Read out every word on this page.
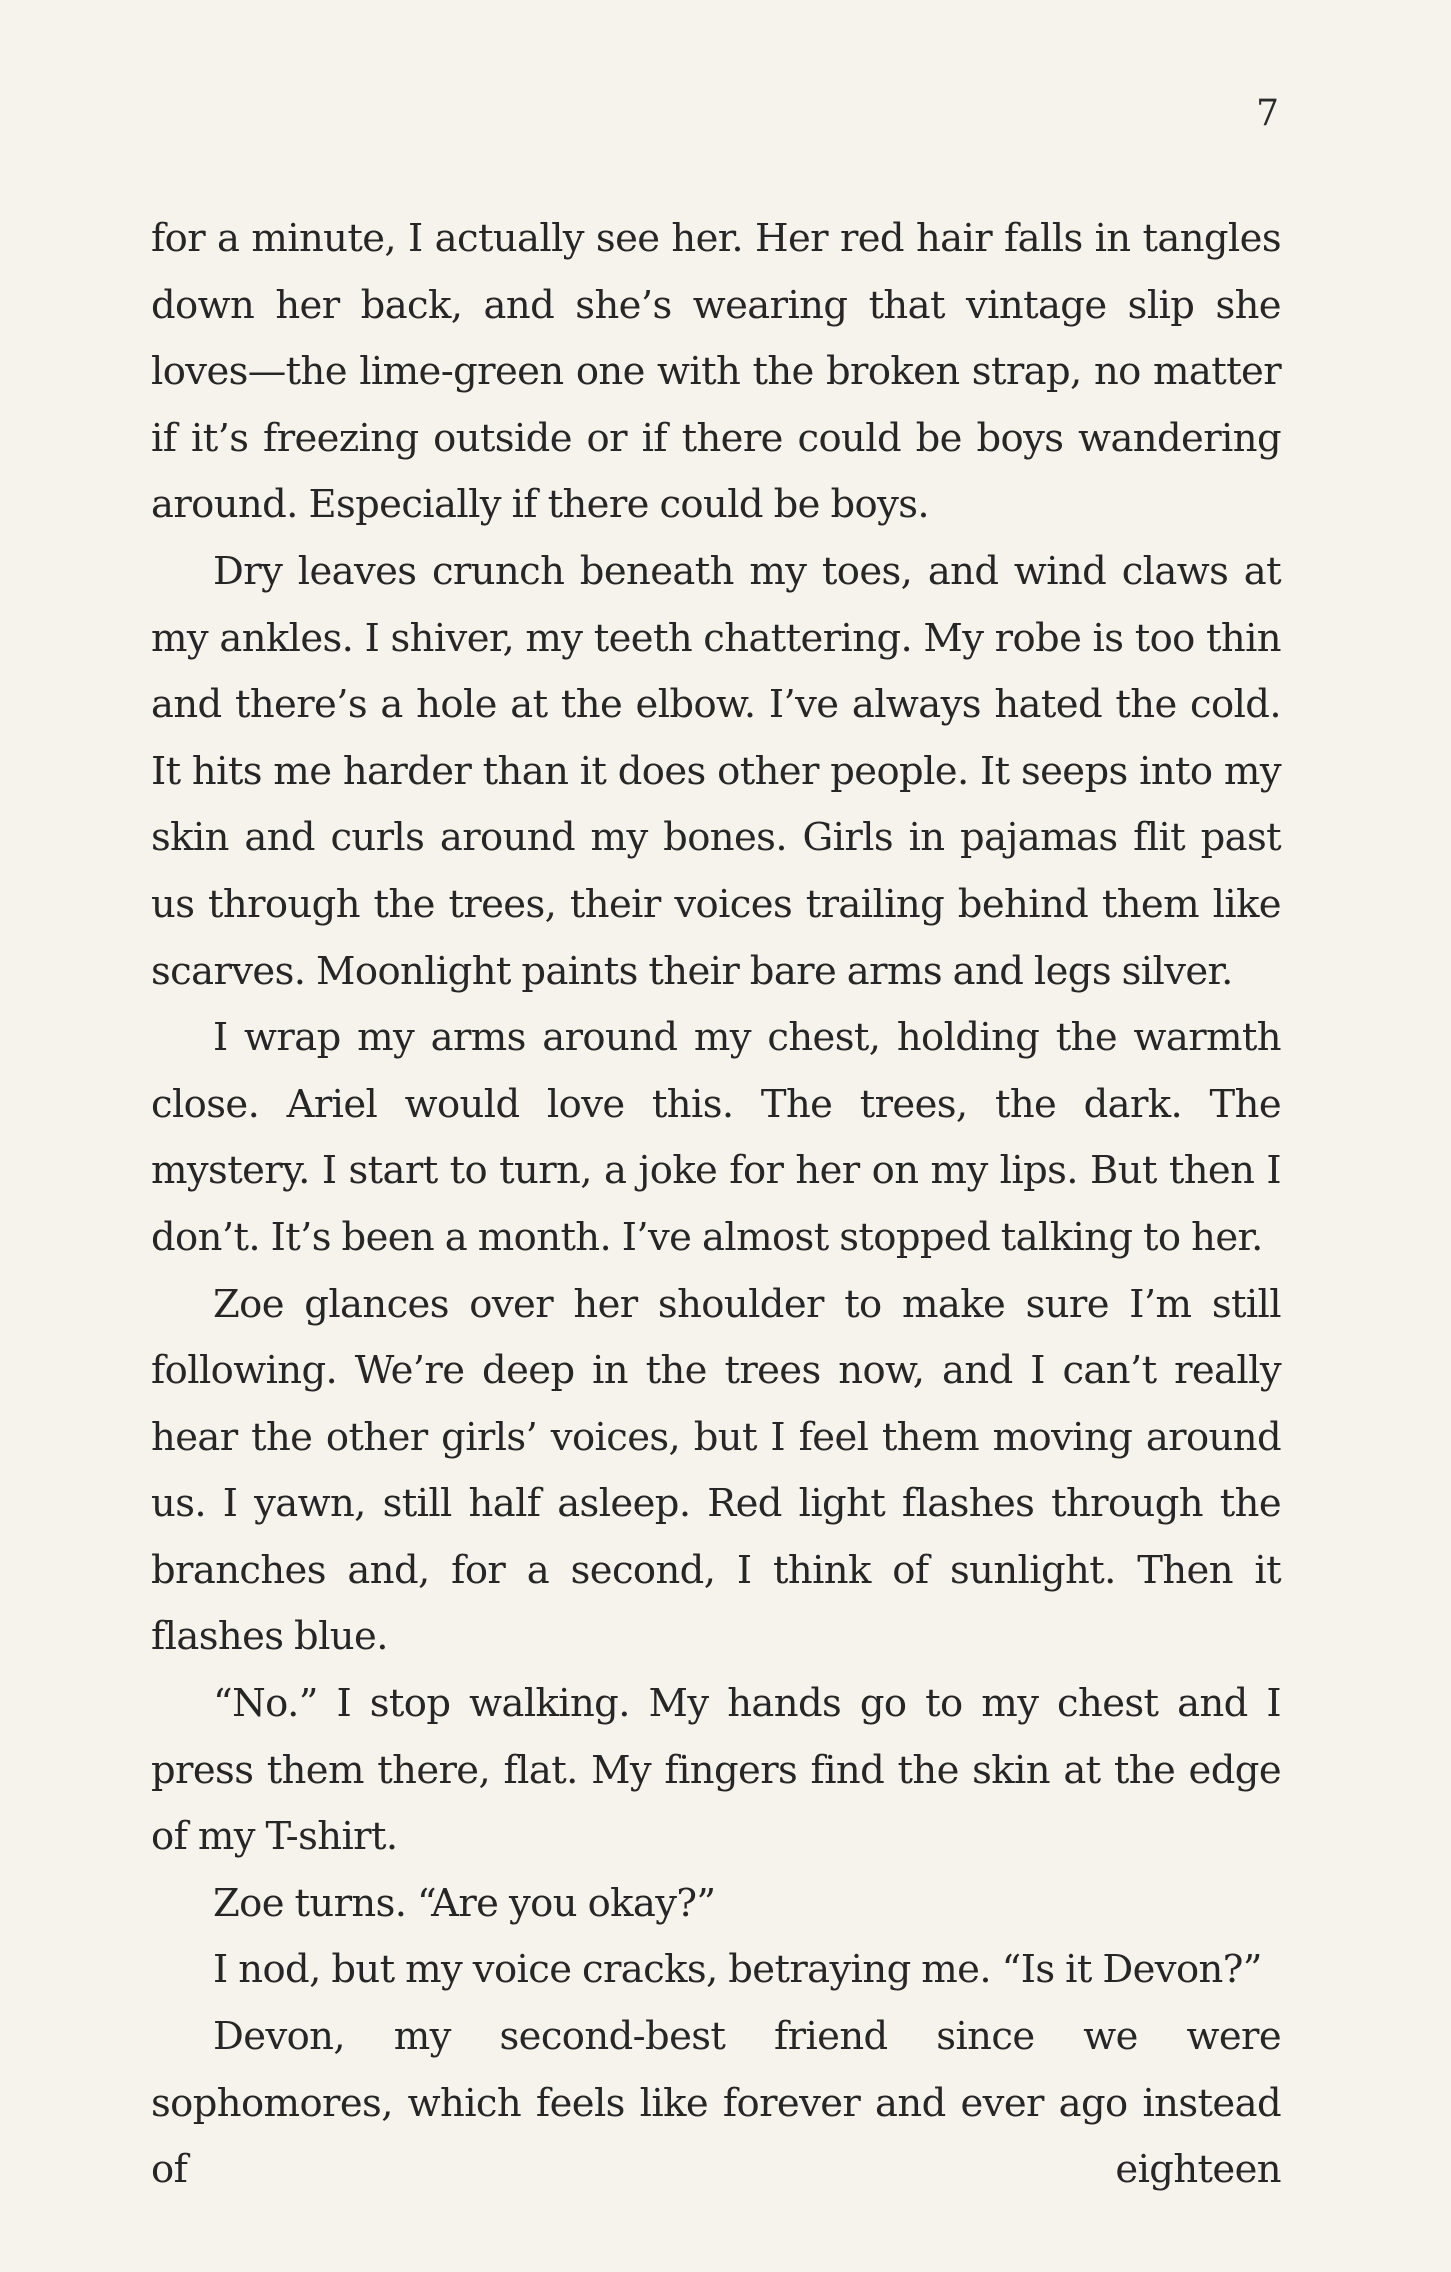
7

for a minute, I actually see her. Her red hair falls in tangles down her back, and she’s wearing that vintage slip she loves—the lime-green one with the broken strap, no matter if it’s freezing outside or if there could be boys wandering around. Especially if there could be boys.

Dry leaves crunch beneath my toes, and wind claws at my ankles. I shiver, my teeth chattering. My robe is too thin and there’s a hole at the elbow. I’ve always hated the cold. It hits me harder than it does other people. It seeps into my skin and curls around my bones. Girls in pajamas flit past us through the trees, their voices trailing behind them like scarves. Moonlight paints their bare arms and legs silver.

I wrap my arms around my chest, holding the warmth close. Ariel would love this. The trees, the dark. The mystery. I start to turn, a joke for her on my lips. But then I don’t. It’s been a month. I’ve almost stopped talking to her.

Zoe glances over her shoulder to make sure I’m still following. We’re deep in the trees now, and I can’t really hear the other girls’ voices, but I feel them moving around us. I yawn, still half asleep. Red light flashes through the branches and, for a second, I think of sunlight. Then it flashes blue.

“No.” I stop walking. My hands go to my chest and I press them there, flat. My fingers find the skin at the edge of my T-shirt.

Zoe turns. “Are you okay?”

I nod, but my voice cracks, betraying me. “Is it Devon?”

Devon, my second-best friend since we were sophomores, which feels like forever and ever ago instead of eighteen
